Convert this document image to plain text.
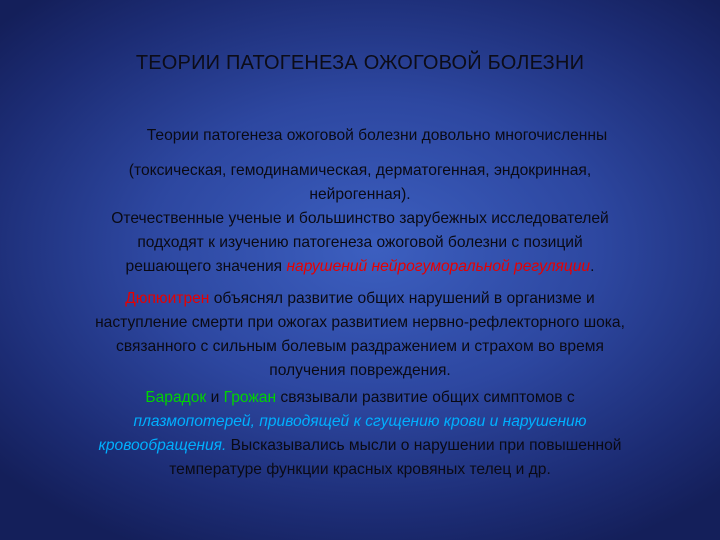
ТЕОРИИ ПАТОГЕНЕЗА ОЖОГОВОЙ БОЛЕЗНИ
Теории патогенеза ожоговой болезни довольно многочисленны
(токсическая, гемодинамическая, дерматогенная, эндокринная,
нейрогенная).
Отечественные ученые и большинство зарубежных исследователей
подходят к изучению патогенеза ожоговой болезни с позиций
решающего значения нарушений нейрогуморальной регуляции.
Дюпюитрен объяснял развитие общих нарушений в организме и
наступление смерти при ожогах развитием нервно-рефлекторного шока,
связанного с сильным болевым раздражением и страхом во время
получения повреждения.
Барадок и Грожан связывали развитие общих симптомов с
плазмопотерей, приводящей к сгущению крови и нарушению
кровообращения. Высказывались мысли о нарушении при повышенной
температуре функции красных кровяных телец и др.
